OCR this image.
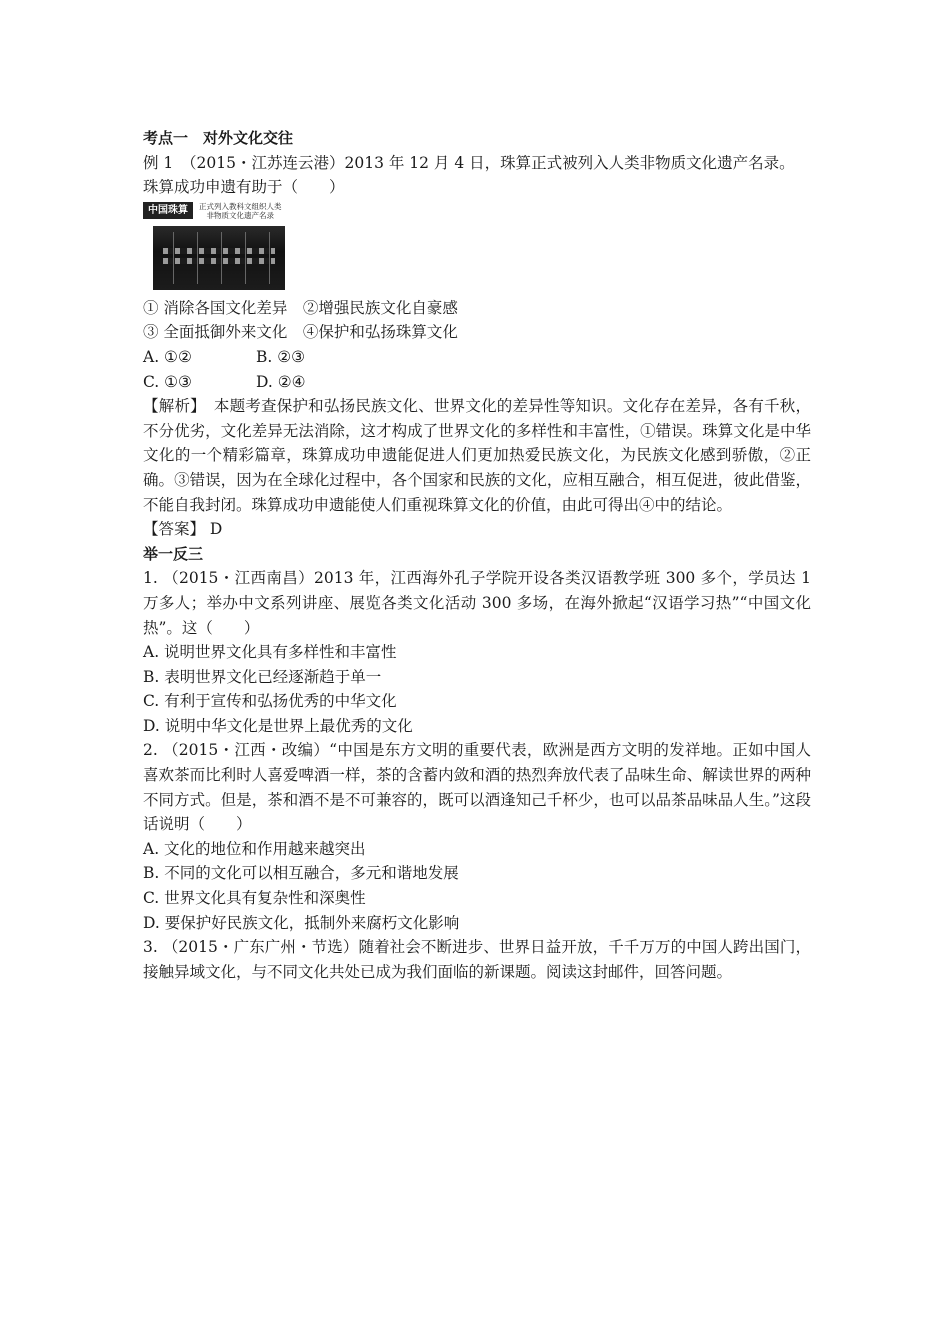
考点一　对外文化交往
例 1　（2015・江苏连云港）2013 年 12 月 4 日，珠算正式被列入人类非物质文化遗产名录。
珠算成功申遗有助于（　　）
中国珠算	正式列入教科文组织人类
非物质文化遗产名录
① 消除各国文化差异　②增强民族文化自豪感
③ 全面抵御外来文化　④保护和弘扬珠算文化
A. ①②	B. ②③
C. ①③	D. ②④
【解析】　本题考查保护和弘扬民族文化、世界文化的差异性等知识。文化存在差异，各有千秋，不分优劣，文化差异无法消除，这才构成了世界文化的多样性和丰富性，①错误。珠算文化是中华文化的一个精彩篇章，珠算成功申遗能促进人们更加热爱民族文化，为民族文化感到骄傲，②正确。③错误，因为在全球化过程中，各个国家和民族的文化，应相互融合，相互促进，彼此借鉴，不能自我封闭。珠算成功申遗能使人们重视珠算文化的价值，由此可得出④中的结论。
【答案】 D
举一反三
1. （2015・江西南昌）2013 年，江西海外孔子学院开设各类汉语教学班 300 多个，学员达 1 万多人；举办中文系列讲座、展览各类文化活动 300 多场，在海外掀起“汉语学习热”“中国文化热”。这（　　）
A. 说明世界文化具有多样性和丰富性
B. 表明世界文化已经逐渐趋于单一
C. 有利于宣传和弘扬优秀的中华文化
D. 说明中华文化是世界上最优秀的文化
2. （2015・江西・改编）“中国是东方文明的重要代表，欧洲是西方文明的发祥地。正如中国人喜欢茶而比利时人喜爱啤酒一样，茶的含蓄内敛和酒的热烈奔放代表了品味生命、解读世界的两种不同方式。但是，茶和酒不是不可兼容的，既可以酒逢知己千杯少，也可以品茶品味品人生。”这段话说明（　　）
A. 文化的地位和作用越来越突出
B. 不同的文化可以相互融合，多元和谐地发展
C. 世界文化具有复杂性和深奥性
D. 要保护好民族文化，抵制外来腐朽文化影响
3. （2015・广东广州・节选）随着社会不断进步、世界日益开放，千千万万的中国人跨出国门，接触异域文化，与不同文化共处已成为我们面临的新课题。阅读这封邮件，回答问题。
